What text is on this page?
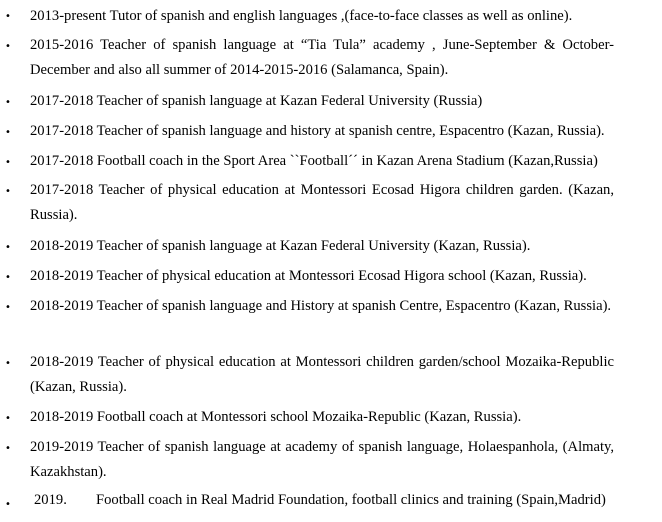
• 2013-present Tutor of spanish and english languages ,(face-to-face classes as well as online).
• 2015-2016 Teacher of spanish language at “Tia Tula” academy , June-September & October-December and also all summer of 2014-2015-2016 (Salamanca, Spain).
• 2017-2018 Teacher of spanish language at Kazan Federal University (Russia)
• 2017-2018 Teacher of spanish language and history at spanish centre, Espacentro (Kazan, Russia).
• 2017-2018 Football coach in the Sport Area ``Football´´ in Kazan Arena Stadium (Kazan,Russia)
• 2017-2018 Teacher of physical education at Montessori Ecosad Higora children garden. (Kazan, Russia).
• 2018-2019 Teacher of spanish language at Kazan Federal University (Kazan, Russia).
• 2018-2019 Teacher of physical education at Montessori Ecosad Higora school (Kazan, Russia).
• 2018-2019 Teacher of spanish language and History at spanish Centre, Espacentro (Kazan, Russia).
• 2018-2019 Teacher of physical education at Montessori children garden/school Mozaika-Republic (Kazan, Russia).
• 2018-2019 Football coach at Montessori school Mozaika-Republic (Kazan, Russia).
• 2019-2019 Teacher of spanish language at academy of spanish language, Holaespanhola, (Almaty, Kazakhstan).
• 2019. Football coach in Real Madrid Foundation, football clinics and training (Spain,Madrid)
